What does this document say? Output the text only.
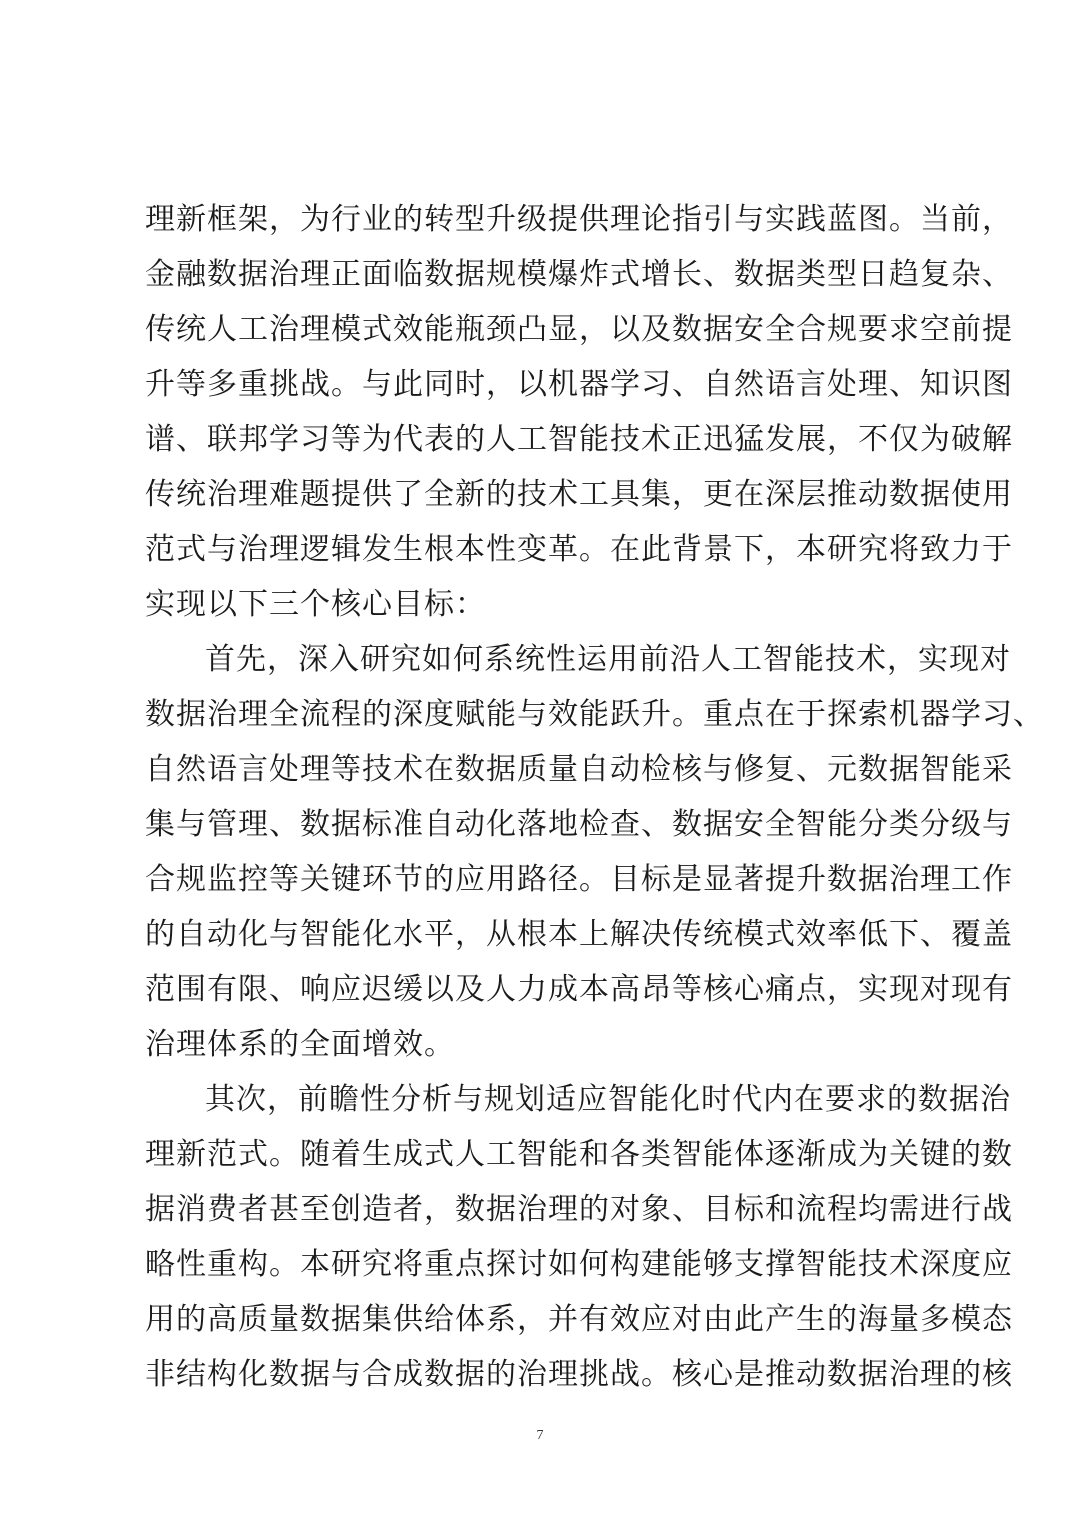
理新框架，为行业的转型升级提供理论指引与实践蓝图。当前，
金融数据治理正面临数据规模爆炸式增长、数据类型日趋复杂、
传统人工治理模式效能瓶颈凸显，以及数据安全合规要求空前提
升等多重挑战。与此同时，以机器学习、自然语言处理、知识图
谱、联邦学习等为代表的人工智能技术正迅猛发展，不仅为破解
传统治理难题提供了全新的技术工具集，更在深层推动数据使用
范式与治理逻辑发生根本性变革。在此背景下，本研究将致力于
实现以下三个核心目标：
首先，深入研究如何系统性运用前沿人工智能技术，实现对
数据治理全流程的深度赋能与效能跃升。重点在于探索机器学习、
自然语言处理等技术在数据质量自动检核与修复、元数据智能采
集与管理、数据标准自动化落地检查、数据安全智能分类分级与
合规监控等关键环节的应用路径。目标是显著提升数据治理工作
的自动化与智能化水平，从根本上解决传统模式效率低下、覆盖
范围有限、响应迟缓以及人力成本高昂等核心痛点，实现对现有
治理体系的全面增效。
其次，前瞻性分析与规划适应智能化时代内在要求的数据治
理新范式。随着生成式人工智能和各类智能体逐渐成为关键的数
据消费者甚至创造者，数据治理的对象、目标和流程均需进行战
略性重构。本研究将重点探讨如何构建能够支撑智能技术深度应
用的高质量数据集供给体系，并有效应对由此产生的海量多模态
非结构化数据与合成数据的治理挑战。核心是推动数据治理的核
7
